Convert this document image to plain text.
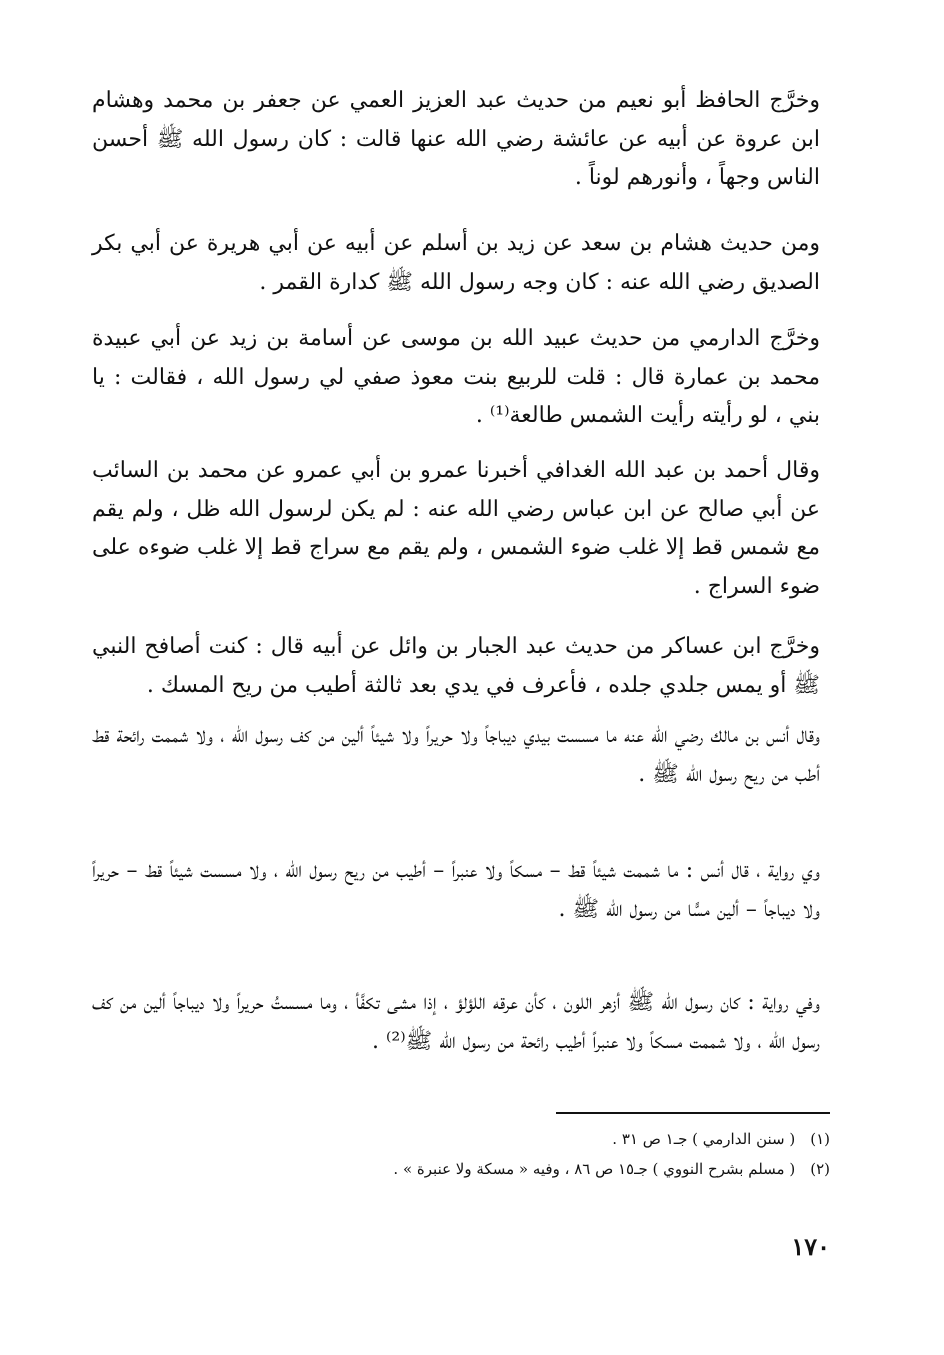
وخرَّج الحافظ أبو نعيم من حديث عبد العزيز العمي عن جعفر بن محمد وهشام ابن عروة عن أبيه عن عائشة رضي الله عنها قالت : كان رسول الله ﷺ أحسن الناس وجهاً ، وأنورهم لوناً .

ومن حديث هشام بن سعد عن زيد بن أسلم عن أبيه عن أبي هريرة عن أبي بكر الصديق رضي الله عنه : كان وجه رسول الله ﷺ كدارة القمر .

وخرَّج الدارمي من حديث عبيد الله بن موسى عن أسامة بن زيد عن أبي عبيدة محمد بن عمارة قال : قلت للربيع بنت معوذ صفي لي رسول الله ، فقالت : يا بني ، لو رأيته رأيت الشمس طالعة⁽¹⁾ .

وقال أحمد بن عبد الله الغدافي أخبرنا عمرو بن أبي عمرو عن محمد بن السائب عن أبي صالح عن ابن عباس رضي الله عنه : لم يكن لرسول الله ظل ، ولم يقم مع شمس قط إلا غلب ضوء الشمس ، ولم يقم مع سراج قط إلا غلب ضوءه على ضوء السراج .

وخرَّج ابن عساكر من حديث عبد الجبار بن وائل عن أبيه قال : كنت أصافح النبي ﷺ أو يمس جلدي جلده ، فأعرف في يدي بعد ثالثة أطيب من ريح المسك .

وقال أنس بن مالك رضي الله عنه ما مسست بيدي ديباجاً ولا حريراً ولا شيئاً ألين من كف رسول الله ، ولا شممت رائحة قط أطب من ريح رسول الله ﷺ .

وي رواية ، قال أنس : ما شممت شيئاً قط – مسكاً ولا عنبراً – أطيب من ريح رسول الله ، ولا مسست شيئاً قط – حريراً ولا ديباجاً – ألين مسًّا من رسول الله ﷺ .

وفي رواية : كان رسول الله ﷺ أزهر اللون ، كأن عرقه اللؤلؤ ، إذا مشى تكفَّأ ، وما مسستُ حريراً ولا ديباجاً ألين من كف رسول الله ، ولا شممت مسكاً ولا عنبراً أطيب رائحة من رسول الله ﷺ⁽²⁾ .

(١) ( سنن الدارمي ) جـ١ ص ٣١ .
(٢) ( مسلم بشرح النووي ) جـ١٥ ص ٨٦ ، وفيه « مسكة ولا عنبرة » .
١٧٠
